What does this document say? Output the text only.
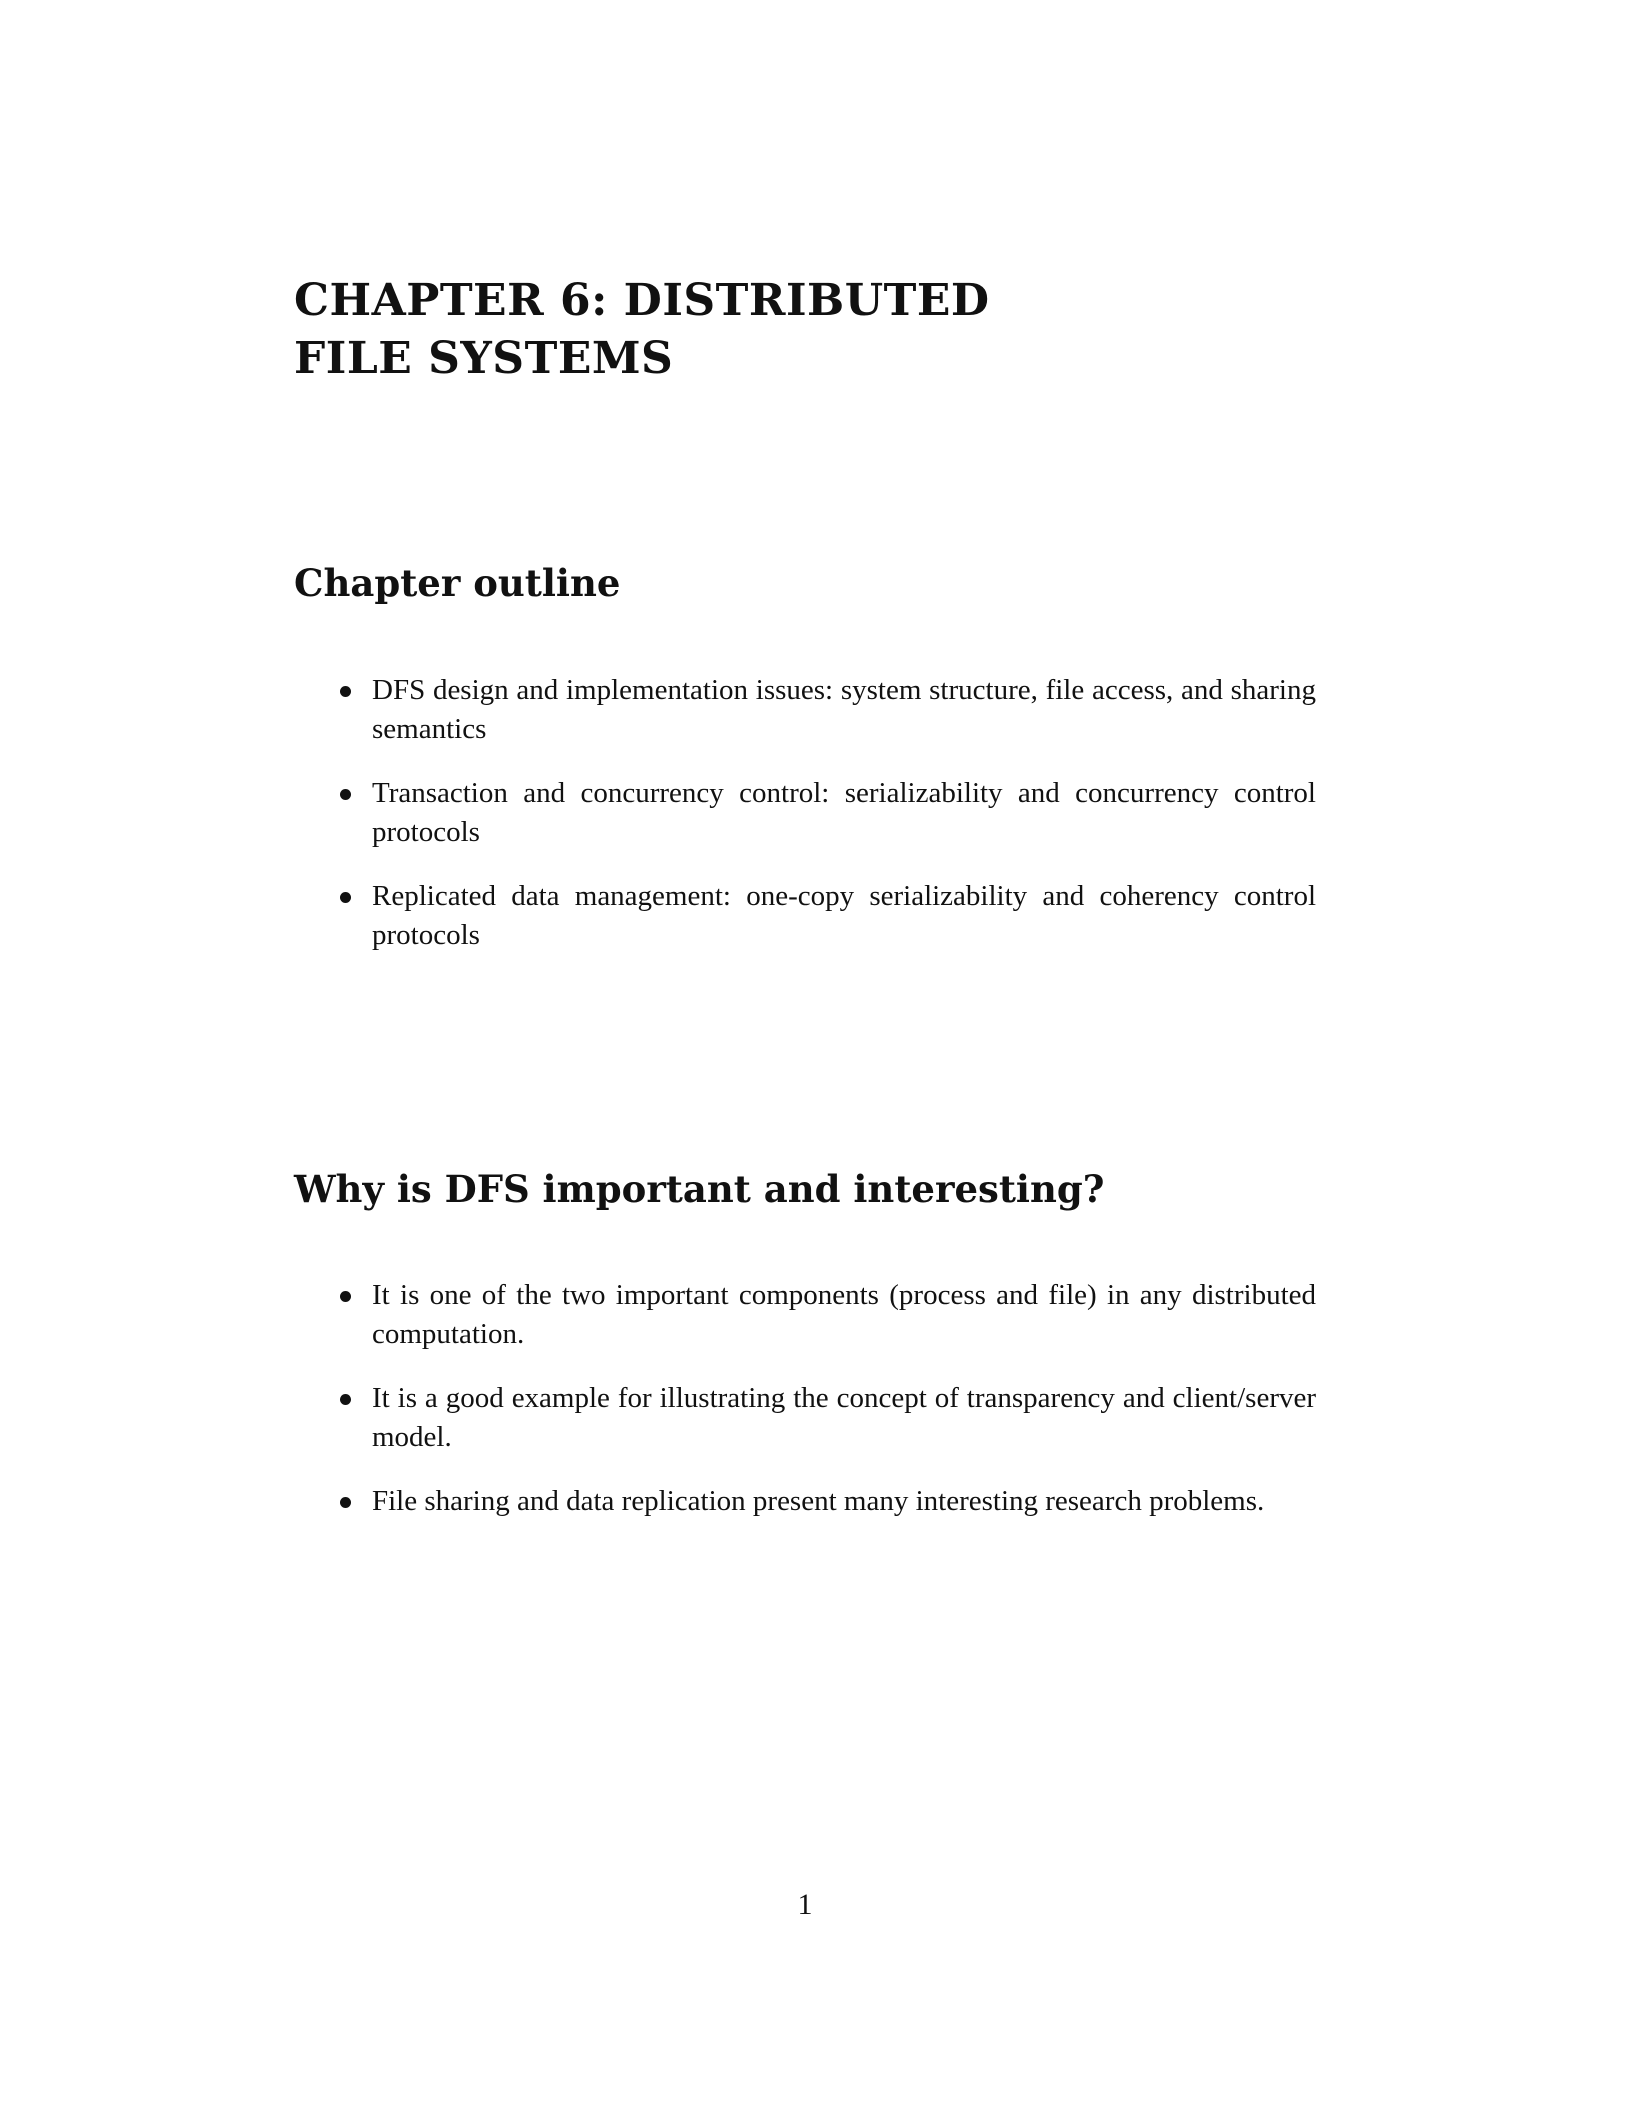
CHAPTER 6: DISTRIBUTED
FILE SYSTEMS
Chapter outline
DFS design and implementation issues: system structure, file access, and sharing semantics
Transaction and concurrency control: serializability and concurrency control protocols
Replicated data management: one-copy serializability and coherency control protocols
Why is DFS important and interesting?
It is one of the two important components (process and file) in any distributed computation.
It is a good example for illustrating the concept of transparency and client/server model.
File sharing and data replication present many interesting research problems.
1
